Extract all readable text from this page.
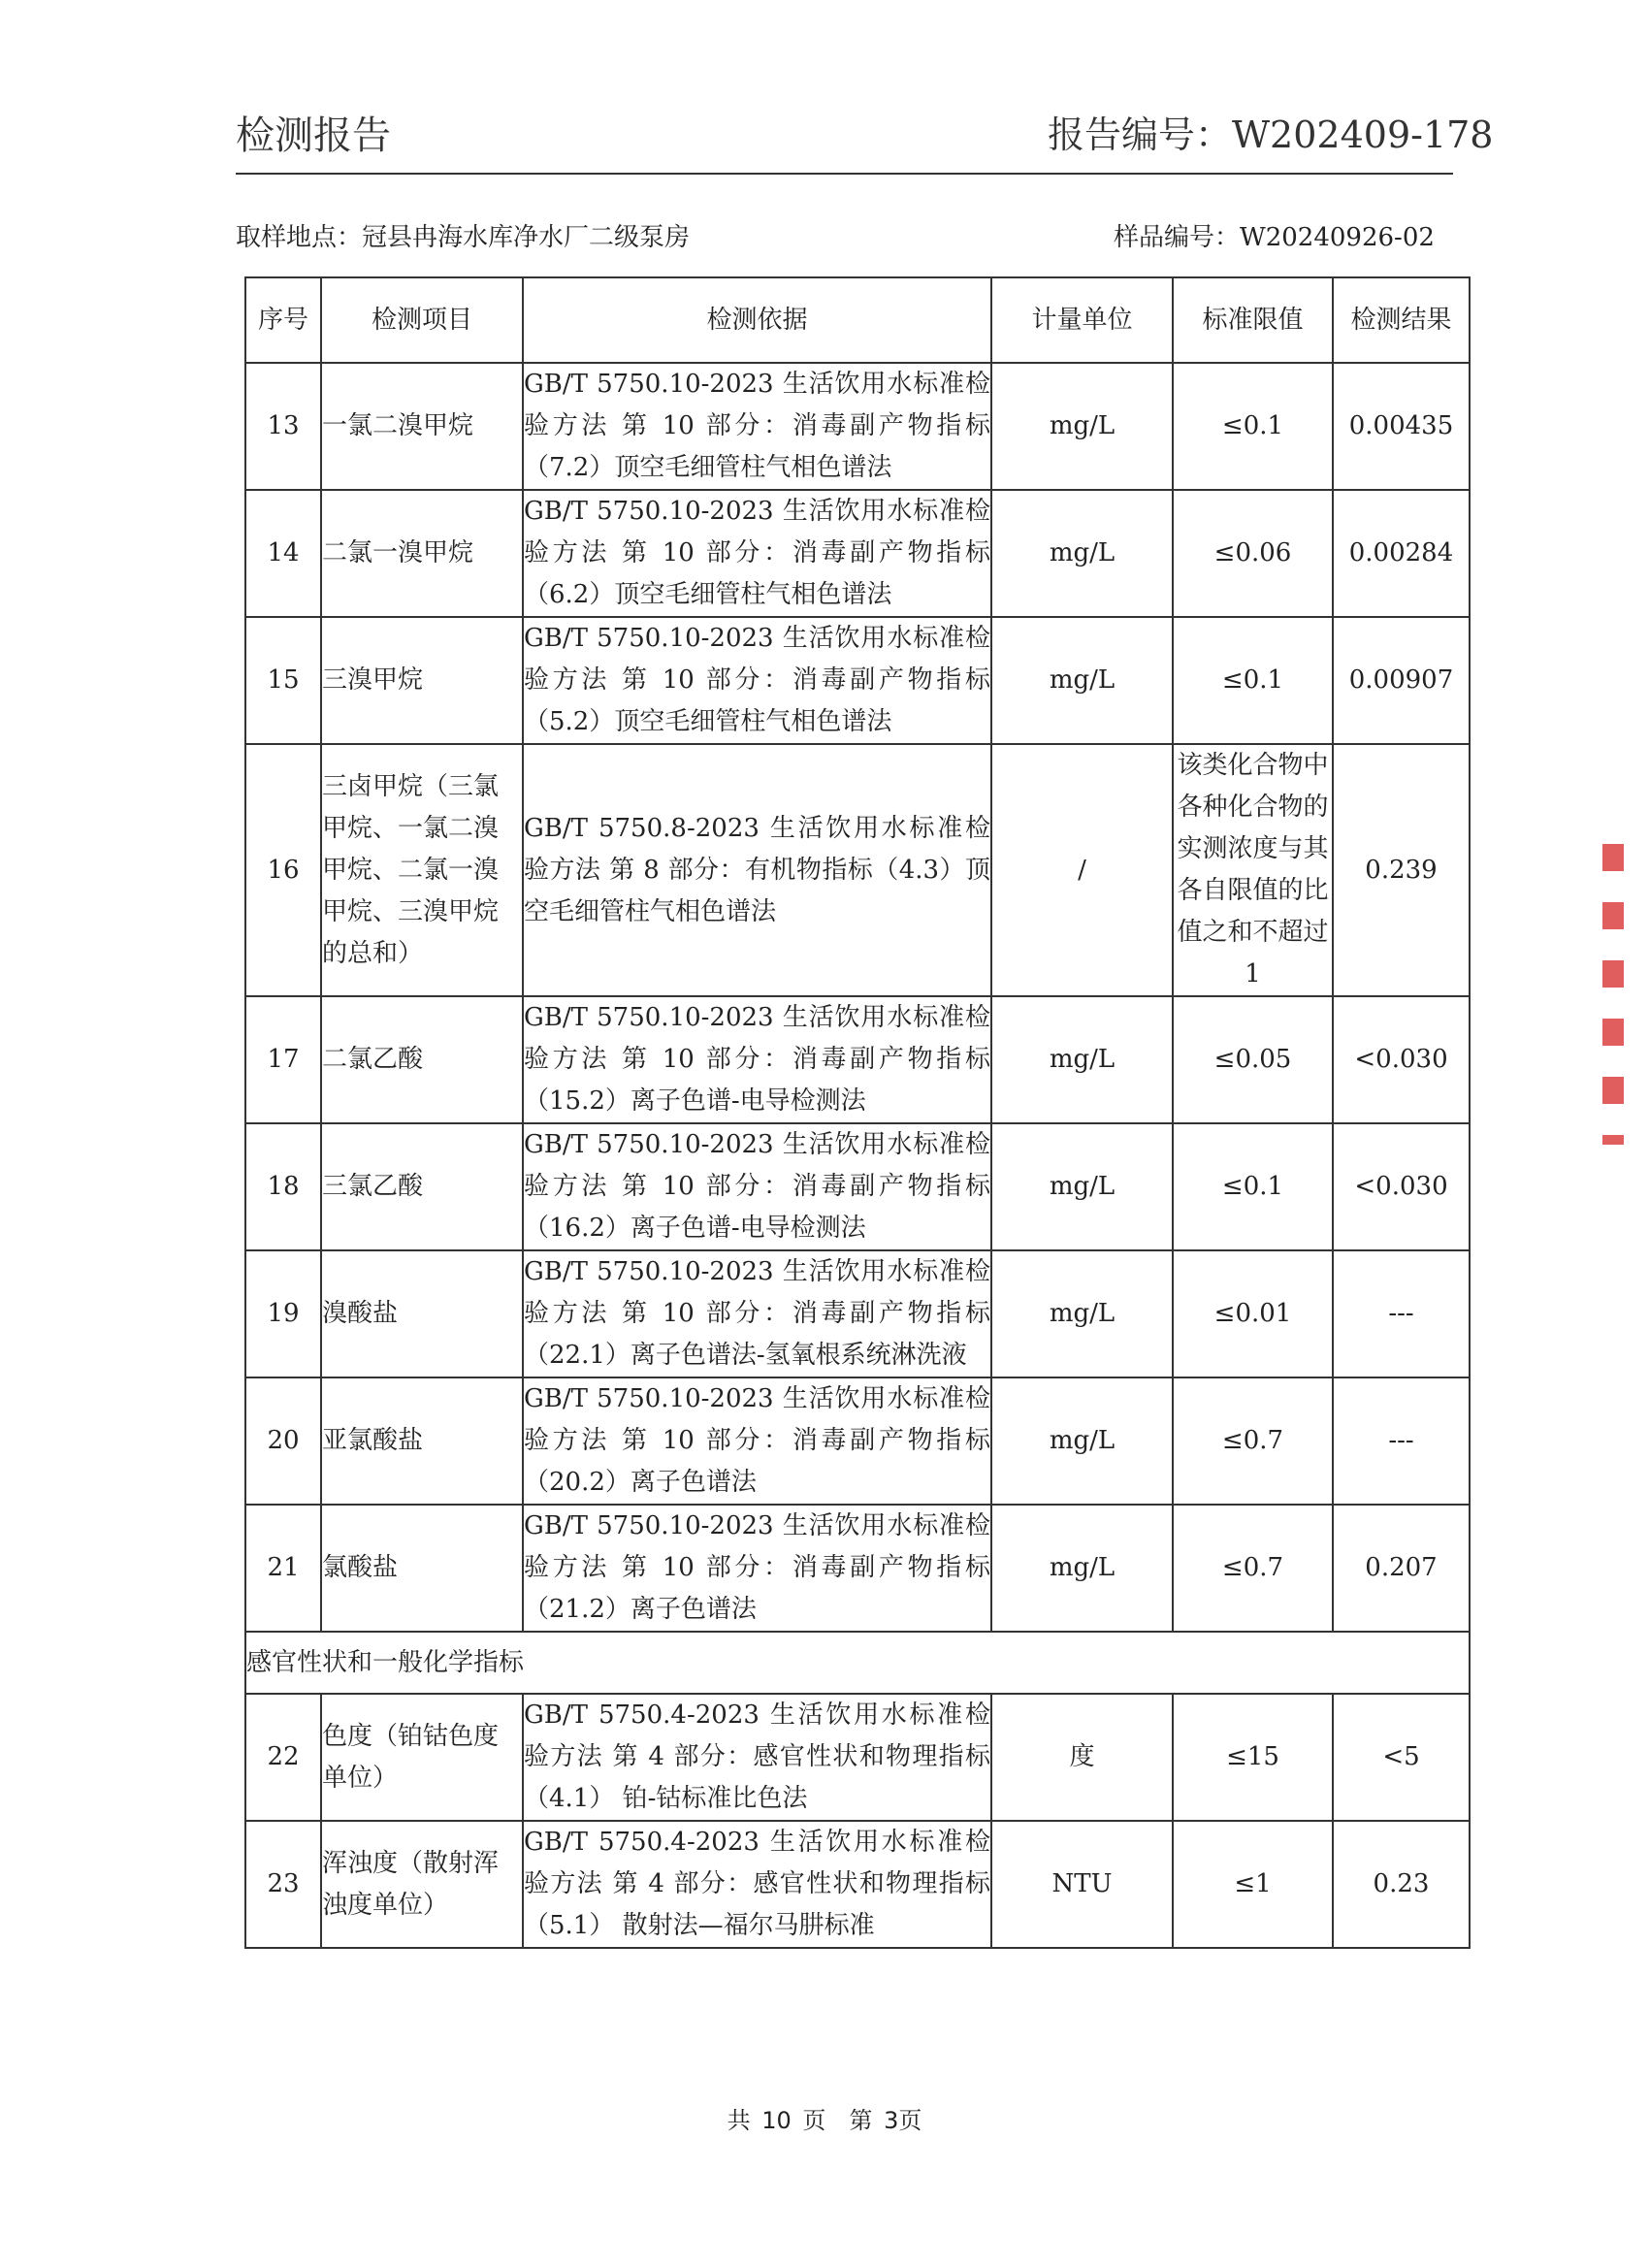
检测报告	报告编号：W202409-178
取样地点：冠县冉海水库净水厂二级泵房	样品编号：W20240926-02
序号	检测项目	检测依据	计量单位	标准限值	检测结果
13	一氯二溴甲烷	GB/T 5750.10-2023 生活饮用水标准检验方法 第 10 部分：消毒副产物指标（7.2）顶空毛细管柱气相色谱法	mg/L	≤0.1	0.00435
14	二氯一溴甲烷	GB/T 5750.10-2023 生活饮用水标准检验方法 第 10 部分：消毒副产物指标（6.2）顶空毛细管柱气相色谱法	mg/L	≤0.06	0.00284
15	三溴甲烷	GB/T 5750.10-2023 生活饮用水标准检验方法 第 10 部分：消毒副产物指标（5.2）顶空毛细管柱气相色谱法	mg/L	≤0.1	0.00907
16	三卤甲烷（三氯甲烷、一氯二溴甲烷、二氯一溴甲烷、三溴甲烷的总和）	GB/T 5750.8-2023 生活饮用水标准检验方法 第 8 部分：有机物指标（4.3）顶空毛细管柱气相色谱法	/	该类化合物中各种化合物的实测浓度与其各自限值的比值之和不超过 1	0.239
17	二氯乙酸	GB/T 5750.10-2023 生活饮用水标准检验方法 第 10 部分：消毒副产物指标 （15.2）离子色谱-电导检测法	mg/L	≤0.05	<0.030
18	三氯乙酸	GB/T 5750.10-2023 生活饮用水标准检验方法 第 10 部分：消毒副产物指标（16.2）离子色谱-电导检测法	mg/L	≤0.1	<0.030
19	溴酸盐	GB/T 5750.10-2023 生活饮用水标准检验方法 第 10 部分：消毒副产物指标（22.1）离子色谱法-氢氧根系统淋洗液	mg/L	≤0.01	---
20	亚氯酸盐	GB/T 5750.10-2023 生活饮用水标准检验方法 第 10 部分：消毒副产物指标（20.2）离子色谱法	mg/L	≤0.7	---
21	氯酸盐	GB/T 5750.10-2023 生活饮用水标准检验方法 第 10 部分：消毒副产物指标（21.2）离子色谱法	mg/L	≤0.7	0.207
感官性状和一般化学指标					
22	色度（铂钴色度单位）	GB/T 5750.4-2023 生活饮用水标准检验方法 第 4 部分：感官性状和物理指标（4.1） 铂-钴标准比色法	度	≤15	<5
23	浑浊度（散射浑浊度单位）	GB/T 5750.4-2023 生活饮用水标准检验方法 第 4 部分：感官性状和物理指标（5.1） 散射法—福尔马肼标准	NTU	≤1	0.23
共 10 页　第 3页
